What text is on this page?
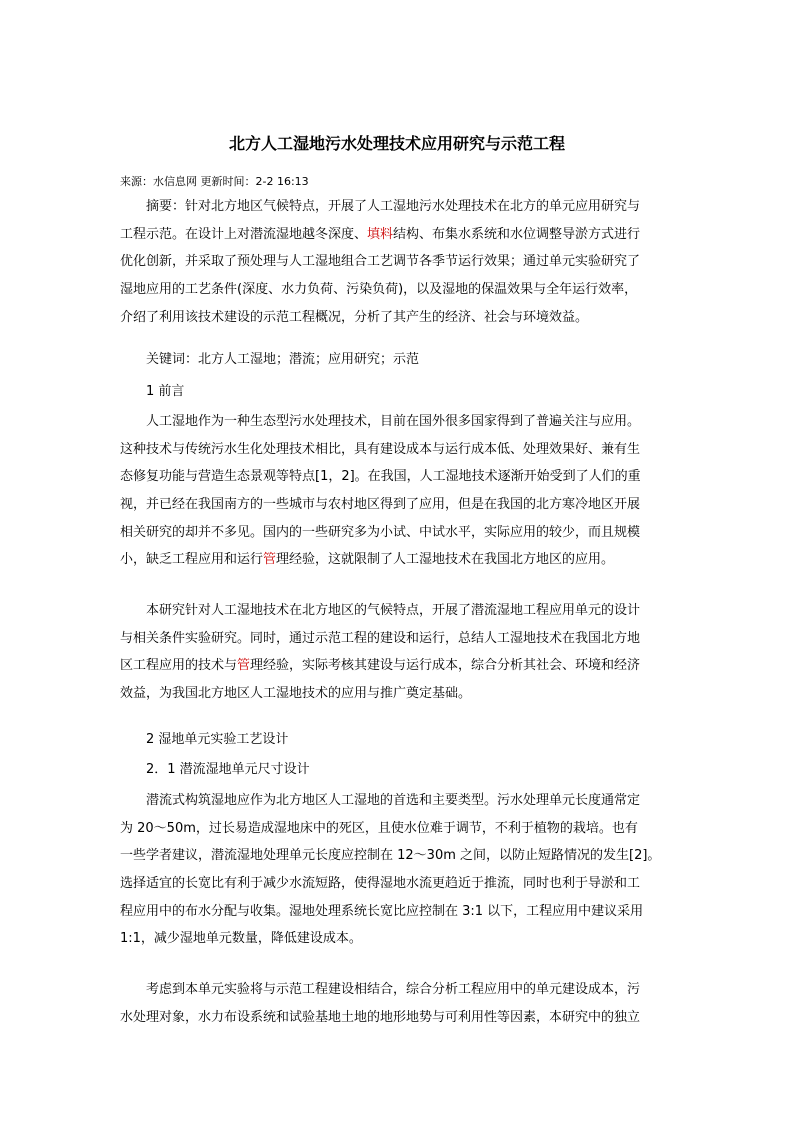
北方人工湿地污水处理技术应用研究与示范工程
来源：水信息网 更新时间：2-2 16:13
摘要：针对北方地区气候特点，开展了人工湿地污水处理技术在北方的单元应用研究与
工程示范。在设计上对潜流湿地越冬深度、填料结构、布集水系统和水位调整导淤方式进行
优化创新，并采取了预处理与人工湿地组合工艺调节各季节运行效果；通过单元实验研究了
湿地应用的工艺条件(深度、水力负荷、污染负荷)，以及湿地的保温效果与全年运行效率，
介绍了利用该技术建设的示范工程概况，分析了其产生的经济、社会与环境效益。
关键词：北方人工湿地；潜流；应用研究；示范
1 前言
人工湿地作为一种生态型污水处理技术，目前在国外很多国家得到了普遍关注与应用。
这种技术与传统污水生化处理技术相比，具有建设成本与运行成本低、处理效果好、兼有生
态修复功能与营造生态景观等特点[1，2]。在我国，人工湿地技术逐渐开始受到了人们的重
视，并已经在我国南方的一些城市与农村地区得到了应用，但是在我国的北方寒冷地区开展
相关研究的却并不多见。国内的一些研究多为小试、中试水平，实际应用的较少，而且规模
小，缺乏工程应用和运行管理经验，这就限制了人工湿地技术在我国北方地区的应用。
本研究针对人工湿地技术在北方地区的气候特点，开展了潜流湿地工程应用单元的设计
与相关条件实验研究。同时，通过示范工程的建设和运行，总结人工湿地技术在我国北方地
区工程应用的技术与管理经验，实际考核其建设与运行成本，综合分析其社会、环境和经济
效益，为我国北方地区人工湿地技术的应用与推广奠定基础。
2 湿地单元实验工艺设计
2．1 潜流湿地单元尺寸设计
潜流式构筑湿地应作为北方地区人工湿地的首选和主要类型。污水处理单元长度通常定
为 20～50m，过长易造成湿地床中的死区，且使水位难于调节，不利于植物的栽培。也有
一些学者建议，潜流湿地处理单元长度应控制在 12～30m 之间，以防止短路情况的发生[2]。
选择适宜的长宽比有利于减少水流短路，使得湿地水流更趋近于推流，同时也利于导淤和工
程应用中的布水分配与收集。湿地处理系统长宽比应控制在 3:1 以下，工程应用中建议采用
1:1，减少湿地单元数量，降低建设成本。
考虑到本单元实验将与示范工程建设相结合，综合分析工程应用中的单元建设成本，污
水处理对象，水力布设系统和试验基地土地的地形地势与可利用性等因素，本研究中的独立
